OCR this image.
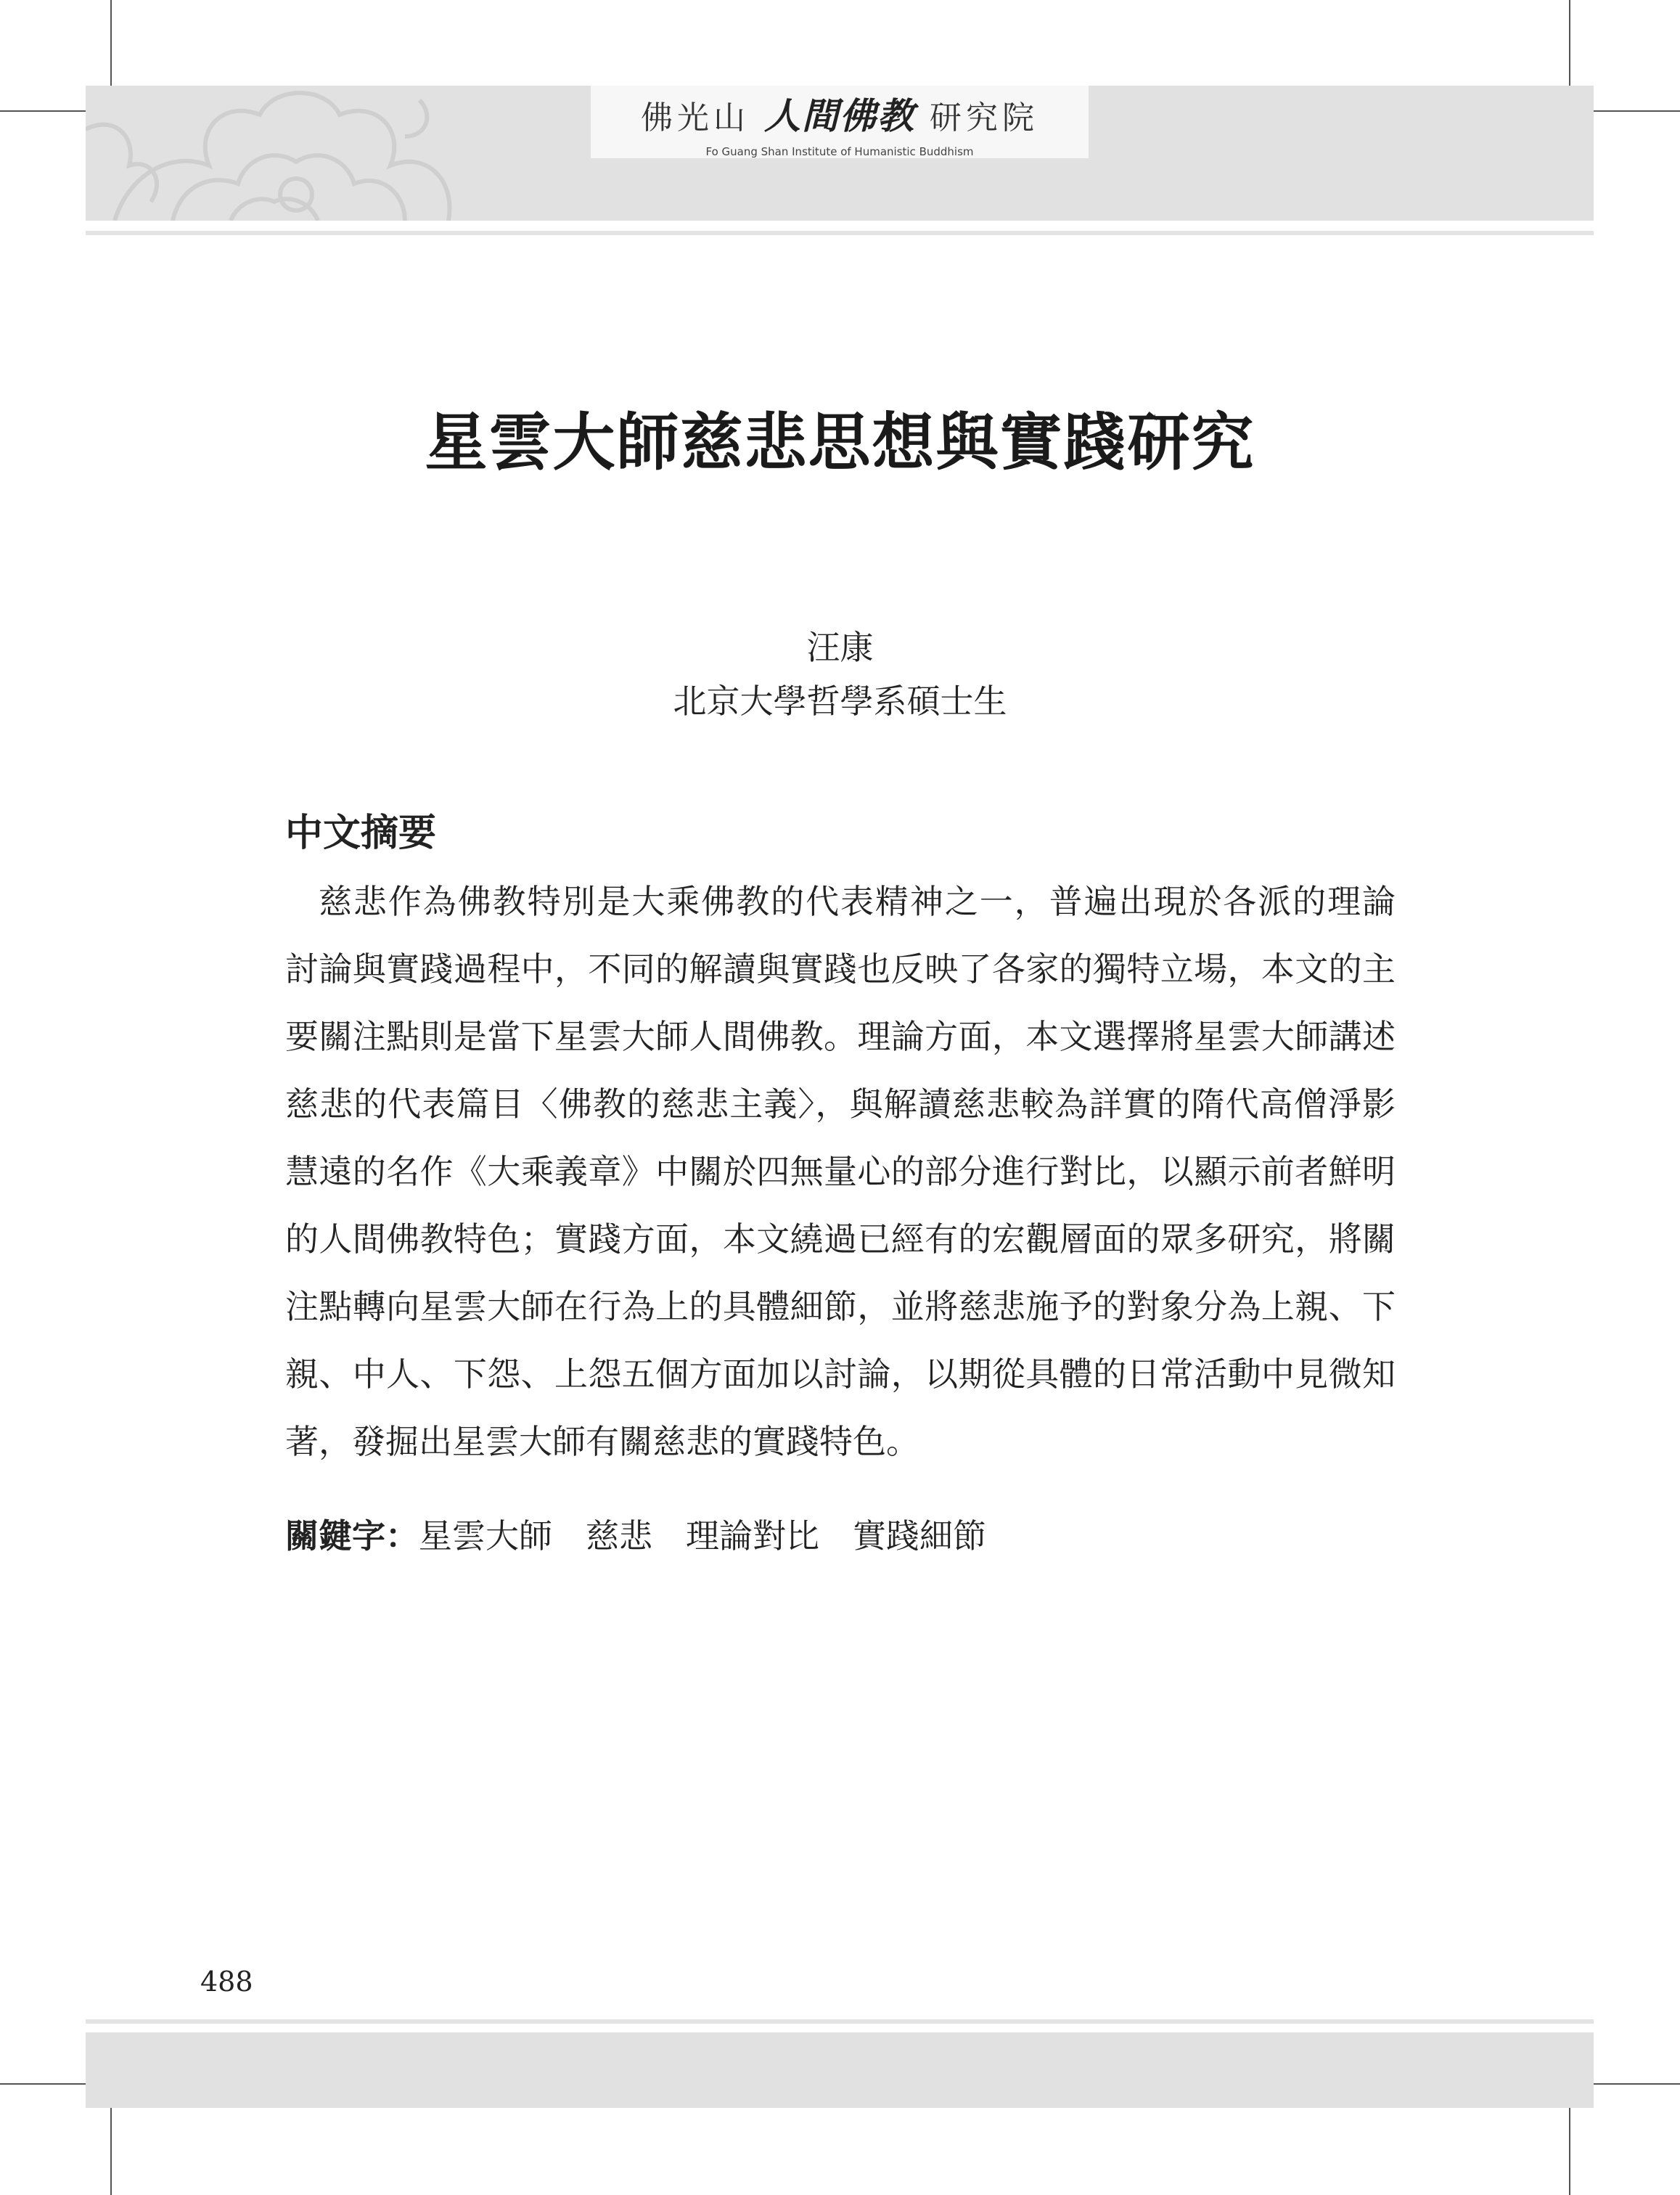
佛光山 人間佛教 研究院
Fo Guang Shan Institute of Humanistic Buddhism
星雲大師慈悲思想與實踐研究
汪康
北京大學哲學系碩士生
中文摘要
慈悲作為佛教特別是大乘佛教的代表精神之一，普遍出現於各派的理論
討論與實踐過程中，不同的解讀與實踐也反映了各家的獨特立場，本文的主
要關注點則是當下星雲大師人間佛教。理論方面，本文選擇將星雲大師講述
慈悲的代表篇目〈佛教的慈悲主義〉，與解讀慈悲較為詳實的隋代高僧淨影
慧遠的名作《大乘義章》中關於四無量心的部分進行對比，以顯示前者鮮明
的人間佛教特色；實踐方面，本文繞過已經有的宏觀層面的眾多研究，將關
注點轉向星雲大師在行為上的具體細節，並將慈悲施予的對象分為上親、下
親、中人、下怨、上怨五個方面加以討論，以期從具體的日常活動中見微知
著，發掘出星雲大師有關慈悲的實踐特色。
關鍵字：星雲大師 慈悲 理論對比 實踐細節
488
